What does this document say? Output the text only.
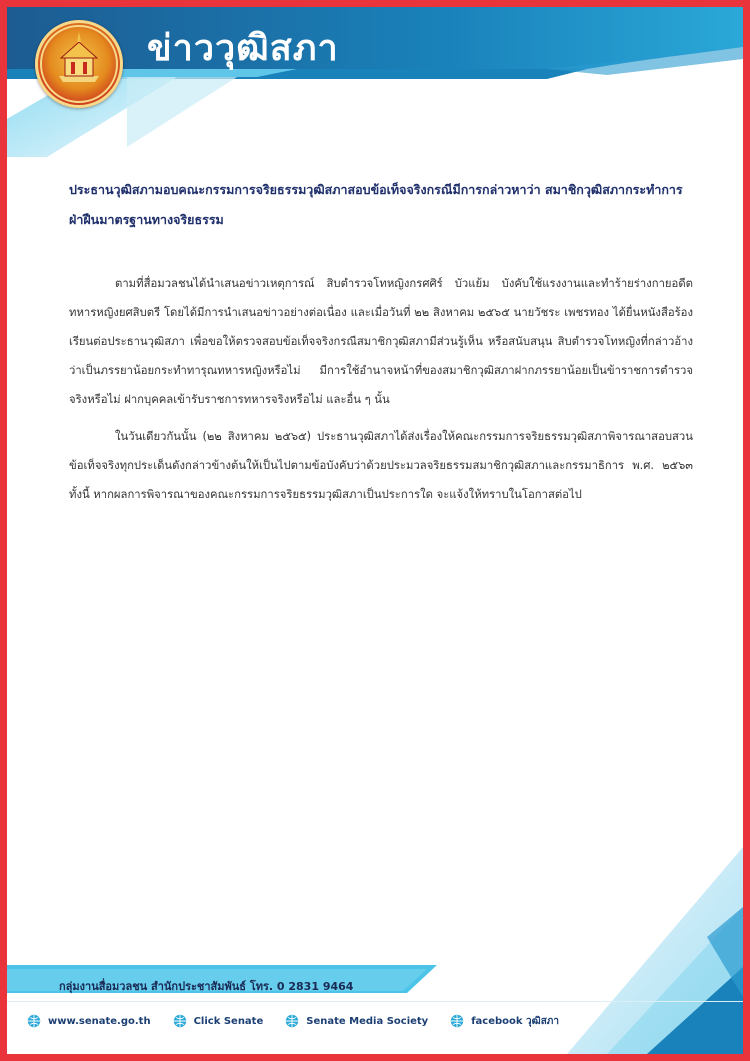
ข่าววุฒิสภา

ประธานวุฒิสภามอบคณะกรรมการจริยธรรมวุฒิสภาสอบข้อเท็จจริงกรณีมีการกล่าวหาว่า สมาชิกวุฒิสภากระทำการฝ่าฝืนมาตรฐานทางจริยธรรม

ตามที่สื่อมวลชนได้นำเสนอข่าวเหตุการณ์ สิบตำรวจโทหญิงกรศศิร์ บัวแย้ม บังคับใช้แรงงานและทำร้ายร่างกายอดีตทหารหญิงยศสิบตรี โดยได้มีการนำเสนอข่าวอย่างต่อเนื่อง และเมื่อวันที่ ๒๒ สิงหาคม ๒๕๖๕ นายวัชระ เพชรทอง ได้ยื่นหนังสือร้องเรียนต่อประธานวุฒิสภา เพื่อขอให้ตรวจสอบข้อเท็จจริงกรณีสมาชิกวุฒิสภามีส่วนรู้เห็น หรือสนับสนุน สิบตำรวจโทหญิงที่กล่าวอ้างว่าเป็นภรรยาน้อยกระทำทารุณทหารหญิงหรือไม่ มีการใช้อำนาจหน้าที่ของสมาชิกวุฒิสภาฝากภรรยาน้อยเป็นข้าราชการตำรวจจริงหรือไม่ ฝากบุคคลเข้ารับราชการทหารจริงหรือไม่ และอื่น ๆ นั้น

ในวันเดียวกันนั้น (๒๒ สิงหาคม ๒๕๖๕) ประธานวุฒิสภาได้ส่งเรื่องให้คณะกรรมการจริยธรรมวุฒิสภาพิจารณาสอบสวนข้อเท็จจริงทุกประเด็นดังกล่าวข้างต้นให้เป็นไปตามข้อบังคับว่าด้วยประมวลจริยธรรมสมาชิกวุฒิสภาและกรรมาธิการ พ.ศ. ๒๕๖๓ ทั้งนี้ หากผลการพิจารณาของคณะกรรมการจริยธรรมวุฒิสภาเป็นประการใด จะแจ้งให้ทราบในโอกาสต่อไป

กลุ่มงานสื่อมวลชน สำนักประชาสัมพันธ์ โทร. 0 2831 9464

www.senate.go.th	Click Senate	Senate Media Society	facebook วุฒิสภา
